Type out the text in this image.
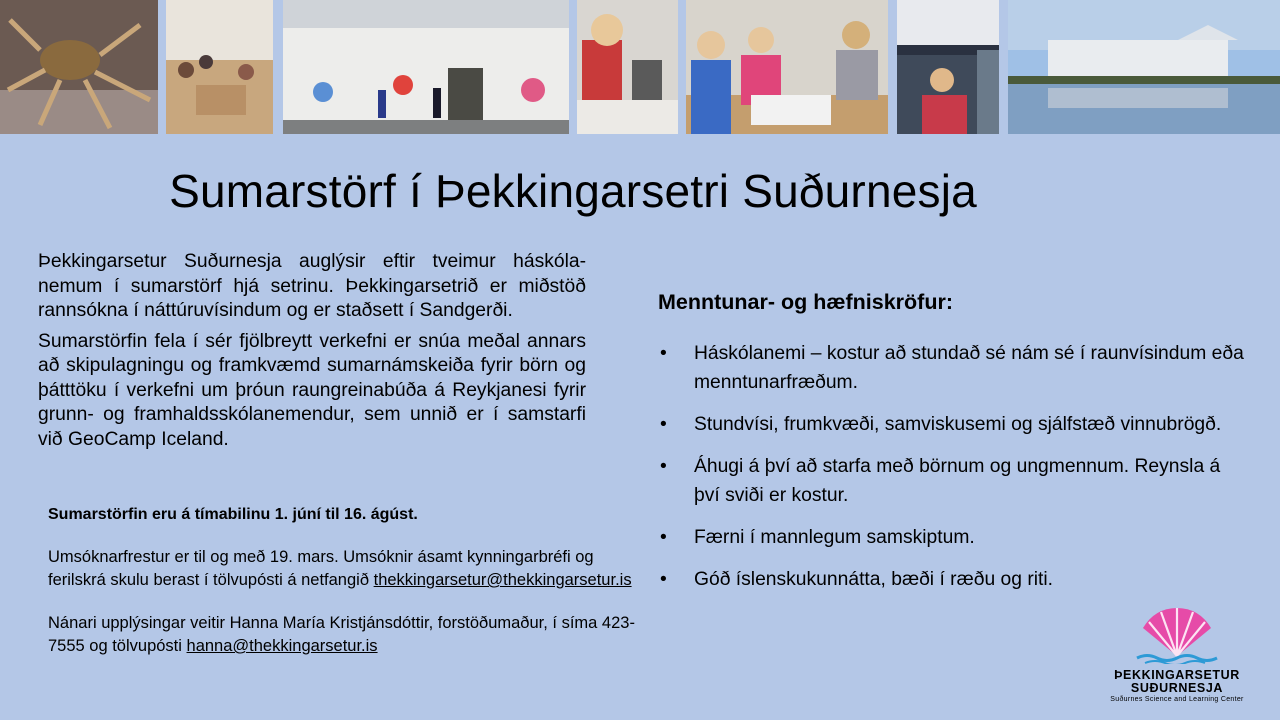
Sumarstörf í Þekkingarsetri Suðurnesja

Þekkingarsetur Suðurnesja auglýsir eftir tveimur háskóla-nemum í sumarstörf hjá setrinu. Þekkingarsetrið er miðstöð rannsókna í náttúruvísindum og er staðsett í Sandgerði.

Sumarstörfin fela í sér fjölbreytt verkefni er snúa meðal annars að skipulagningu og framkvæmd sumarnámskeiða fyrir börn og þátttöku í verkefni um þróun raungreinabúða á Reykjanesi fyrir grunn- og framhaldsskólanemendur, sem unnið er í samstarfi við GeoCamp Iceland.

Sumarstörfin eru á tímabilinu 1. júní til 16. ágúst.

Umsóknarfrestur er til og með 19. mars. Umsóknir ásamt kynningarbréfi og ferilskrá skulu berast í tölvupósti á netfangið thekkingarsetur@thekkingarsetur.is

Nánari upplýsingar veitir Hanna María Kristjánsdóttir, forstöðumaður, í síma 423-7555 og tölvupósti hanna@thekkingarsetur.is

Menntunar- og hæfniskröfur:
• Háskólanemi – kostur að stundað sé nám sé í raunvísindum eða menntunarfræðum.
• Stundvísi, frumkvæði, samviskusemi og sjálfstæð vinnubrögð.
• Áhugi á því að starfa með börnum og ungmennum. Reynsla á því sviði er kostur.
• Færni í mannlegum samskiptum.
• Góð íslenskukunnátta, bæði í ræðu og riti.
ÞEKKINGARSETUR SUÐURNESJA
Suðurnes Science and Learning Center
